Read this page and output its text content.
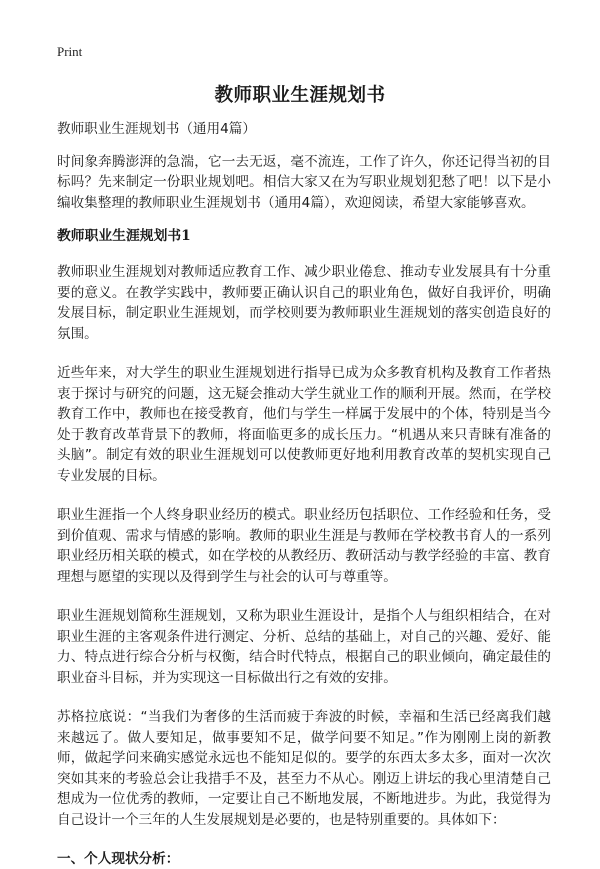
Print
教师职业生涯规划书

教师职业生涯规划书（通用4篇）

时间象奔腾澎湃的急湍，它一去无返，毫不流连，工作了许久，你还记得当初的目标吗？先来制定一份职业规划吧。相信大家又在为写职业规划犯愁了吧！以下是小编收集整理的教师职业生涯规划书（通用4篇），欢迎阅读，希望大家能够喜欢。

教师职业生涯规划书1

教师职业生涯规划对教师适应教育工作、减少职业倦怠、推动专业发展具有十分重要的意义。在教学实践中，教师要正确认识自己的职业角色，做好自我评价，明确发展目标，制定职业生涯规划，而学校则要为教师职业生涯规划的落实创造良好的氛围。

近些年来，对大学生的职业生涯规划进行指导已成为众多教育机构及教育工作者热衷于探讨与研究的问题，这无疑会推动大学生就业工作的顺利开展。然而，在学校教育工作中，教师也在接受教育，他们与学生一样属于发展中的个体，特别是当今处于教育改革背景下的教师，将面临更多的成长压力。“机遇从来只青睐有准备的头脑”。制定有效的职业生涯规划可以使教师更好地利用教育改革的契机实现自己专业发展的目标。

职业生涯指一个人终身职业经历的模式。职业经历包括职位、工作经验和任务，受到价值观、需求与情感的影响。教师的职业生涯是与教师在学校教书育人的一系列职业经历相关联的模式，如在学校的从教经历、教研活动与教学经验的丰富、教育理想与愿望的实现以及得到学生与社会的认可与尊重等。

职业生涯规划简称生涯规划，又称为职业生涯设计，是指个人与组织相结合，在对职业生涯的主客观条件进行测定、分析、总结的基础上，对自己的兴趣、爱好、能力、特点进行综合分析与权衡，结合时代特点，根据自己的职业倾向，确定最佳的职业奋斗目标，并为实现这一目标做出行之有效的安排。

苏格拉底说：“当我们为奢侈的生活而疲于奔波的时候，幸福和生活已经离我们越来越远了。做人要知足，做事要知不足，做学问要不知足。”作为刚刚上岗的新教师，做起学问来确实感觉永远也不能知足似的。要学的东西太多太多，面对一次次突如其来的考验总会让我措手不及，甚至力不从心。刚迈上讲坛的我心里清楚自己想成为一位优秀的教师，一定要让自己不断地发展，不断地进步。为此，我觉得为自己设计一个三年的人生发展规划是必要的，也是特别重要的。具体如下：

一、个人现状分析：
